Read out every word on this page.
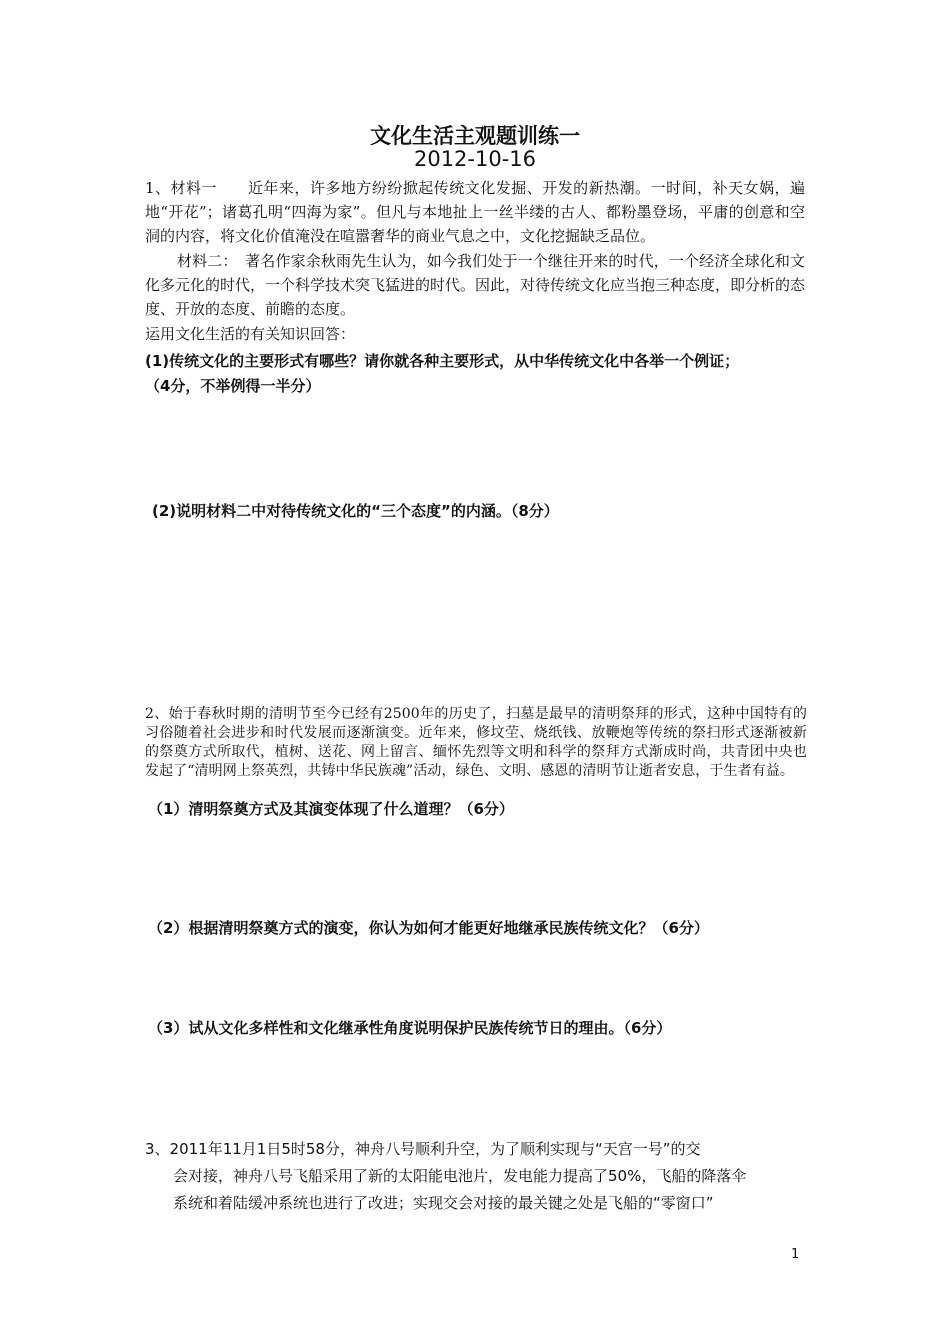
文化生活主观题训练一
2012-10-16
1、材料一　　近年来，许多地方纷纷掀起传统文化发掘、开发的新热潮。一时间，补天女娲，遍地“开花”；诸葛孔明“四海为家”。但凡与本地扯上一丝半缕的古人、都粉墨登场，平庸的创意和空洞的内容，将文化价值淹没在喧嚣奢华的商业气息之中，文化挖掘缺乏品位。
材料二：　著名作家余秋雨先生认为，如今我们处于一个继往开来的时代，一个经济全球化和文化多元化的时代，一个科学技术突飞猛进的时代。因此，对待传统文化应当抱三种态度，即分析的态度、开放的态度、前瞻的态度。
运用文化生活的有关知识回答：
(1)传统文化的主要形式有哪些？请你就各种主要形式，从中华传统文化中各举一个例证；
（4分，不举例得一半分）
(2)说明材料二中对待传统文化的“三个态度”的内涵。（8分）
2、始于春秋时期的清明节至今已经有2500年的历史了，扫墓是最早的清明祭拜的形式，这种中国特有的习俗随着社会进步和时代发展而逐渐演变。近年来，修坟茔、烧纸钱、放鞭炮等传统的祭扫形式逐渐被新的祭奠方式所取代，植树、送花、网上留言、缅怀先烈等文明和科学的祭拜方式渐成时尚，共青团中央也发起了“清明网上祭英烈，共铸中华民族魂”活动，绿色、文明、感恩的清明节让逝者安息，于生者有益。
（1）清明祭奠方式及其演变体现了什么道理？（6分）
（2）根据清明祭奠方式的演变，你认为如何才能更好地继承民族传统文化？（6分）
（3）试从文化多样性和文化继承性角度说明保护民族传统节日的理由。（6分）
3、2011年11月1日5时58分，神舟八号顺利升空，为了顺利实现与“天宫一号”的交
会对接，神舟八号飞船采用了新的太阳能电池片，发电能力提高了50%，飞船的降落伞
系统和着陆缓冲系统也进行了改进；实现交会对接的最关键之处是飞船的“零窗口”
1
